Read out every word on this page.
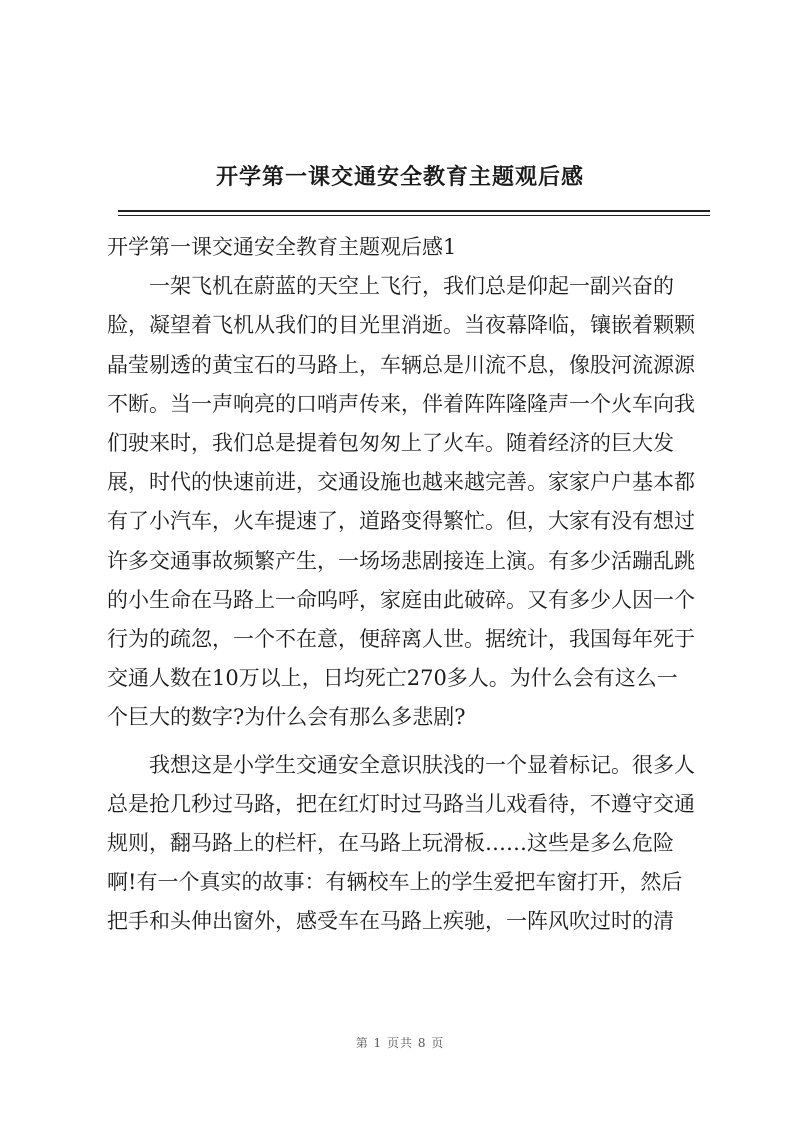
开学第一课交通安全教育主题观后感

开学第一课交通安全教育主题观后感1

一架飞机在蔚蓝的天空上飞行，我们总是仰起一副兴奋的
脸，凝望着飞机从我们的目光里消逝。当夜幕降临，镶嵌着颗颗
晶莹剔透的黄宝石的马路上，车辆总是川流不息，像股河流源源
不断。当一声响亮的口哨声传来，伴着阵阵隆隆声一个火车向我
们驶来时，我们总是提着包匆匆上了火车。随着经济的巨大发
展，时代的快速前进，交通设施也越来越完善。家家户户基本都
有了小汽车，火车提速了，道路变得繁忙。但，大家有没有想过
许多交通事故频繁产生，一场场悲剧接连上演。有多少活蹦乱跳
的小生命在马路上一命呜呼，家庭由此破碎。又有多少人因一个
行为的疏忽，一个不在意，便辞离人世。据统计，我国每年死于
交通人数在10万以上，日均死亡270多人。为什么会有这么一
个巨大的数字?为什么会有那么多悲剧?

我想这是小学生交通安全意识肤浅的一个显着标记。很多人
总是抢几秒过马路，把在红灯时过马路当儿戏看待，不遵守交通
规则，翻马路上的栏杆，在马路上玩滑板……这些是多么危险
啊!有一个真实的故事：有辆校车上的学生爱把车窗打开，然后
把手和头伸出窗外，感受车在马路上疾驰，一阵风吹过时的清

第 1 页共 8 页
